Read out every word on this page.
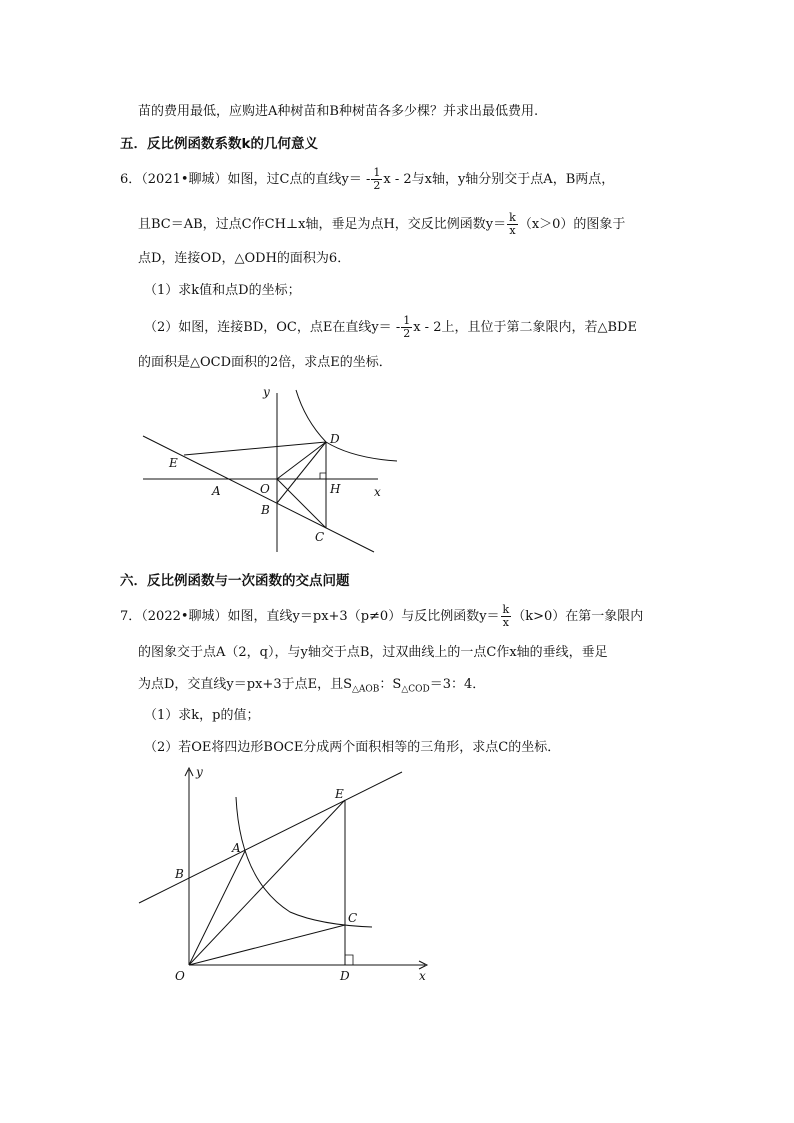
苗的费用最低，应购进A种树苗和B种树苗各多少棵？并求出最低费用.
五．反比例函数系数k的几何意义
6．（2021•聊城）如图，过C点的直线$y= - \frac{1}{2}$ x - 2与x轴，y轴分别交于点A，B两点，
且BC＝AB，过点C作CH⊥x轴，垂足为点H，交反比例函数$y= \frac{k}{x} (x>0)$的图象于
点D，连接OD，△ODH的面积为6．
（1）求k值和点D的坐标；
（2）如图，连接BD，OC，点E在直线$y= - \frac{1}{2}$ x - 2上，且位于第二象限内，若△BDE
的面积是△OCD面积的2倍，求点E的坐标．
y
x
D
E
A	O	H
B
C
六．反比例函数与一次函数的交点问题
7．（2022•聊城）如图，直线y＝px+3（p≠0）与反比例函数$y= \frac{k}{x} (k>0)$在第一象限内
的图象交于点A（2，q），与y轴交于点B，过双曲线上的一点C作x轴的垂线，垂足
为点D，交直线y＝px+3于点E，且$S_{\triangle AOB}$：$S_{\triangle COD}=3$：4．
（1）求k，p的值；
（2）若OE将四边形BOCE分成两个面积相等的三角形，求点C的坐标．
y
x
E
A
B
C
O	D
